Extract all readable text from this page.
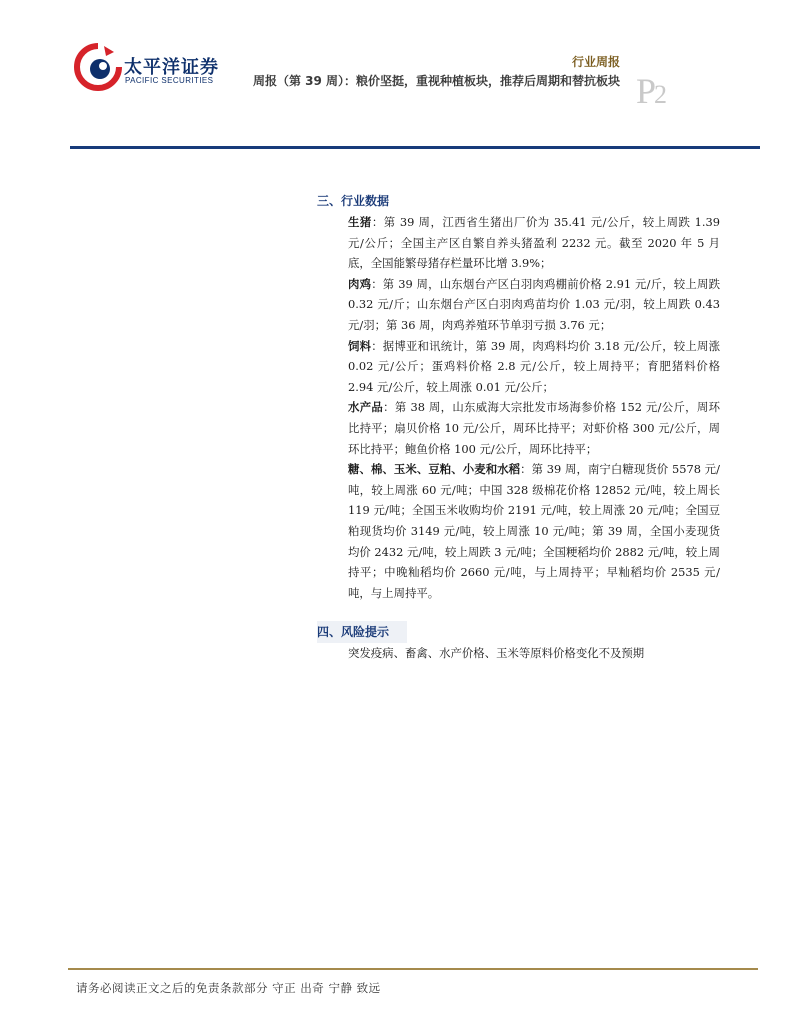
太平洋证券
PACIFIC SECURITIES
行业周报
周报（第 39 周）：粮价坚挺，重视种植板块，推荐后周期和替抗板块 P2
三、行业数据

生猪：第 39 周，江西省生猪出厂价为 35.41 元/公斤，较上周跌 1.39 元/公斤；全国主产区自繁自养头猪盈利 2232 元。截至 2020 年 5 月底，全国能繁母猪存栏量环比增 3.9%；

肉鸡：第 39 周，山东烟台产区白羽肉鸡棚前价格 2.91 元/斤，较上周跌 0.32 元/斤；山东烟台产区白羽肉鸡苗均价 1.03 元/羽，较上周跌 0.43 元/羽；第 36 周，肉鸡养殖环节单羽亏损 3.76 元；

饲料：据博亚和讯统计，第 39 周，肉鸡料均价 3.18 元/公斤，较上周涨 0.02 元/公斤；蛋鸡料价格 2.8 元/公斤，较上周持平；育肥猪料价格 2.94 元/公斤，较上周涨 0.01 元/公斤；

水产品：第 38 周，山东威海大宗批发市场海参价格 152 元/公斤，周环比持平；扇贝价格 10 元/公斤，周环比持平；对虾价格 300 元/公斤，周环比持平；鲍鱼价格 100 元/公斤，周环比持平；

糖、棉、玉米、豆粕、小麦和水稻：第 39 周，南宁白糖现货价 5578 元/吨，较上周涨 60 元/吨；中国 328 级棉花价格 12852 元/吨，较上周长 119 元/吨；全国玉米收购均价 2191 元/吨，较上周涨 20 元/吨；全国豆粕现货均价 3149 元/吨，较上周涨 10 元/吨；第 39 周，全国小麦现货均价 2432 元/吨，较上周跌 3 元/吨；全国粳稻均价 2882 元/吨，较上周持平；中晚籼稻均价 2660 元/吨，与上周持平；早籼稻均价 2535 元/吨，与上周持平。

四、风险提示

突发疫病、畜禽、水产价格、玉米等原料价格变化不及预期

请务必阅读正文之后的免责条款部分 守正 出奇 宁静 致远
